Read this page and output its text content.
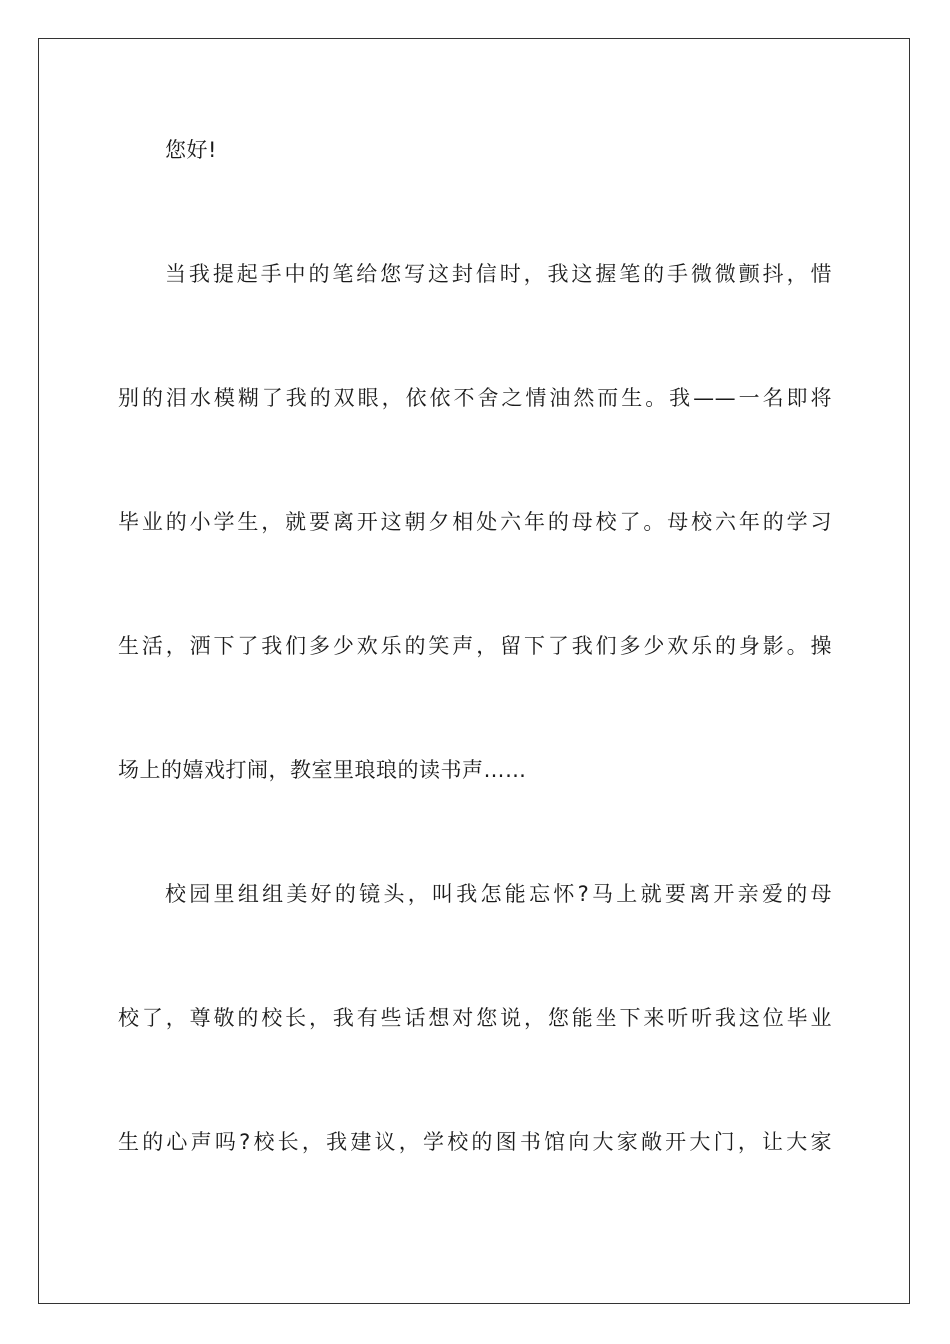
您好!
当我提起手中的笔给您写这封信时，我这握笔的手微微颤抖，惜
别的泪水模糊了我的双眼，依依不舍之情油然而生。我——一名即将
毕业的小学生，就要离开这朝夕相处六年的母校了。母校六年的学习
生活，洒下了我们多少欢乐的笑声，留下了我们多少欢乐的身影。操
场上的嬉戏打闹，教室里琅琅的读书声……
校园里组组美好的镜头，叫我怎能忘怀?马上就要离开亲爱的母
校了，尊敬的校长，我有些话想对您说，您能坐下来听听我这位毕业
生的心声吗?校长，我建议，学校的图书馆向大家敞开大门，让大家
